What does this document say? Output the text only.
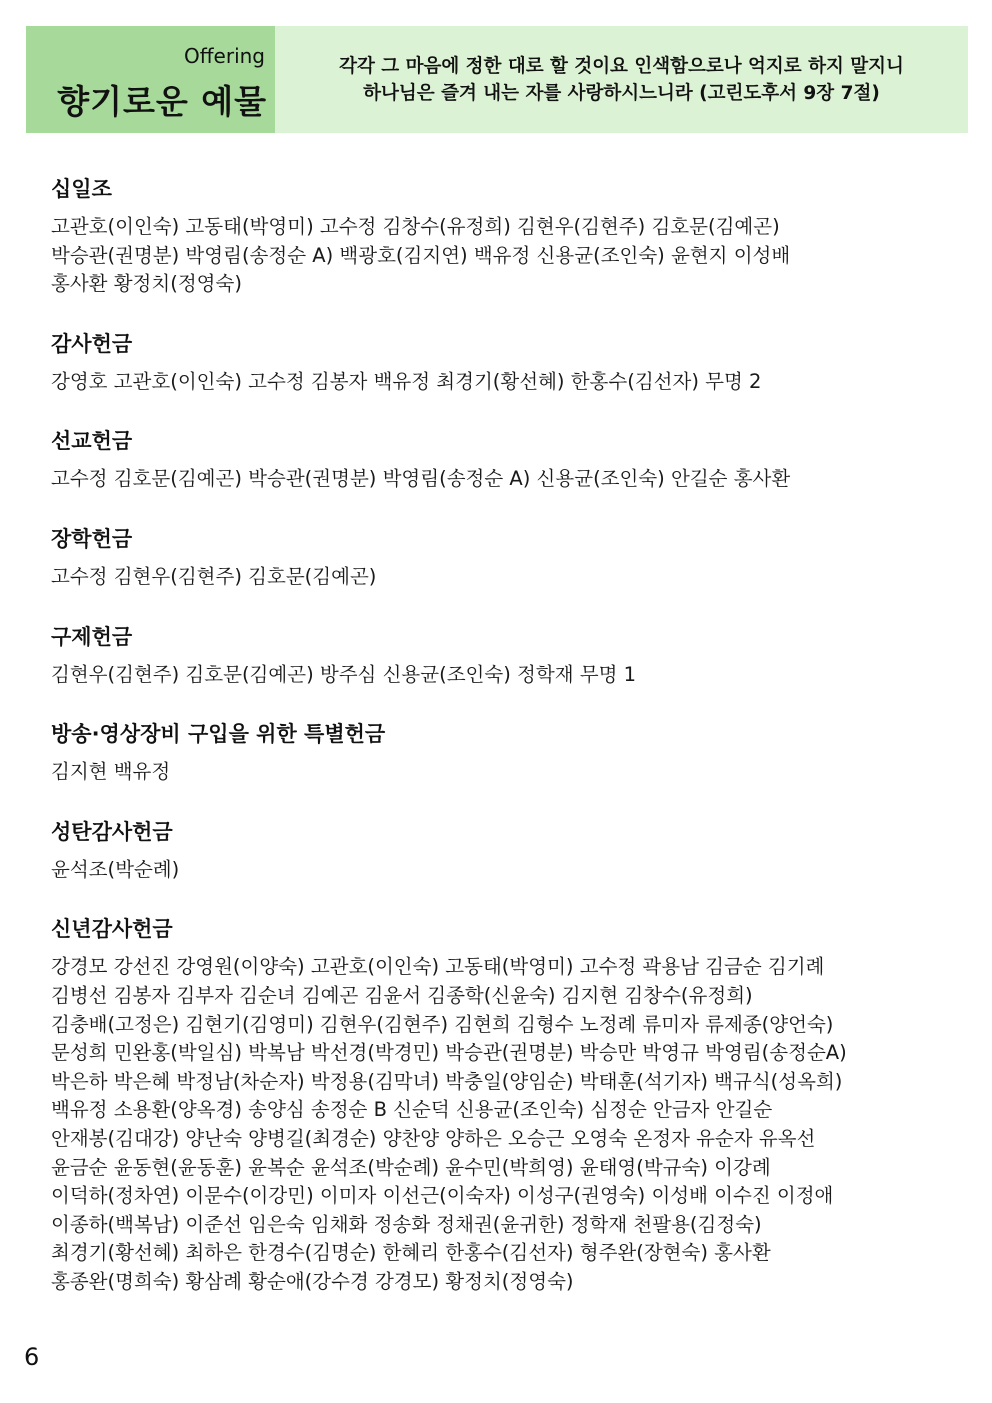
Offering
향기로운 예물
각각 그 마음에 정한 대로 할 것이요 인색함으로나 억지로 하지 말지니
하나님은 즐겨 내는 자를 사랑하시느니라 (고린도후서 9장 7절)
십일조
고관호(이인숙) 고동태(박영미) 고수정 김창수(유정희) 김현우(김현주) 김호문(김예곤)
박승관(권명분) 박영림(송정순 A) 백광호(김지연) 백유정 신용균(조인숙) 윤현지 이성배
홍사환 황정치(정영숙)
감사헌금
강영호 고관호(이인숙) 고수정 김봉자 백유정 최경기(황선혜) 한홍수(김선자) 무명 2
선교헌금
고수정 김호문(김예곤) 박승관(권명분) 박영림(송정순 A) 신용균(조인숙) 안길순 홍사환
장학헌금
고수정 김현우(김현주) 김호문(김예곤)
구제헌금
김현우(김현주) 김호문(김예곤) 방주심 신용균(조인숙) 정학재 무명 1
방송·영상장비 구입을 위한 특별헌금
김지현 백유정
성탄감사헌금
윤석조(박순례)
신년감사헌금
강경모 강선진 강영원(이양숙) 고관호(이인숙) 고동태(박영미) 고수정 곽용남 김금순 김기례
김병선 김봉자 김부자 김순녀 김예곤 김윤서 김종학(신윤숙) 김지현 김창수(유정희)
김충배(고정은) 김현기(김영미) 김현우(김현주) 김현희 김형수 노정례 류미자 류제종(양언숙)
문성희 민완홍(박일심) 박복남 박선경(박경민) 박승관(권명분) 박승만 박영규 박영림(송정순A)
박은하 박은혜 박정남(차순자) 박정용(김막녀) 박충일(양임순) 박태훈(석기자) 백규식(성옥희)
백유정 소용환(양옥경) 송양심 송정순 B 신순덕 신용균(조인숙) 심정순 안금자 안길순
안재봉(김대강) 양난숙 양병길(최경순) 양찬양 양하은 오승근 오영숙 온정자 유순자 유옥선
윤금순 윤동현(윤동훈) 윤복순 윤석조(박순례) 윤수민(박희영) 윤태영(박규숙) 이강례
이덕하(정차연) 이문수(이강민) 이미자 이선근(이숙자) 이성구(권영숙) 이성배 이수진 이정애
이종하(백복남) 이준선 임은숙 임채화 정송화 정채권(윤귀한) 정학재 천팔용(김정숙)
최경기(황선혜) 최하은 한경수(김명순) 한혜리 한홍수(김선자) 형주완(장현숙) 홍사환
홍종완(명희숙) 황삼례 황순애(강수경 강경모) 황정치(정영숙)
6
